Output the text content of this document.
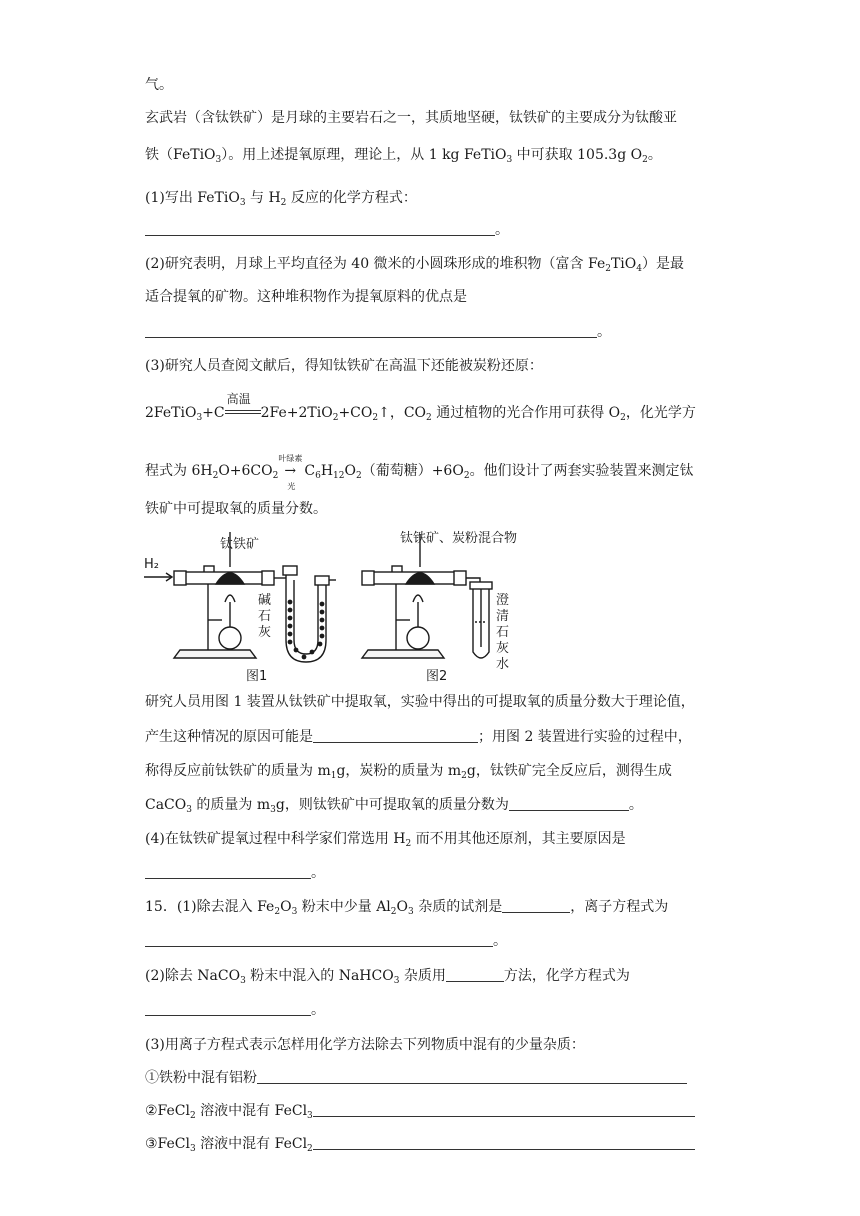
气。
玄武岩（含钛铁矿）是月球的主要岩石之一，其质地坚硬，钛铁矿的主要成分为钛酸亚
铁（FeTiO$_3$）。用上述提氧原理，理论上，从 1 kg FeTiO$_3$ 中可获取 105.3g $O_2$。
(1)写出 FeTiO$_3$ 与 $H_2$ 反应的化学方程式：
。
(2)研究表明，月球上平均直径为 40 微米的小圆珠形成的堆积物（富含 $Fe_2TiO_4$）是最
适合提氧的矿物。这种堆积物作为提氧原料的优点是
。
(3)研究人员查阅文献后，得知钛铁矿在高温下还能被炭粉还原：
2FeTiO$_3$+C
高温
$2Fe+2TiO_2+CO_2↑$，$CO_2$ 通过植物的光合作用可获得 $O_2$，化光学方
程式为 $6H_2O+6CO_2$
叶绿素
→
光
$C_6H_{12}O_2$（葡萄糖）$+6O_2$。他们设计了两套实验装置来测定钛
铁矿中可提取氧的质量分数。
H₂
钛铁矿
碱
石
灰
图1
钛铁矿、炭粉混合物
澄
清
石
灰
水
图2
研究人员用图 1 装置从钛铁矿中提取氧，实验中得出的可提取氧的质量分数大于理论值，
产生这种情况的原因可能是	；用图 2 装置进行实验的过程中，
称得反应前钛铁矿的质量为 $m_1g$，炭粉的质量为 $m_2g$，钛铁矿完全反应后，测得生成
CaCO$_3$ 的质量为 $m_3g$，则钛铁矿中可提取氧的质量分数为	。
(4)在钛铁矿提氧过程中科学家们常选用 $H_2$ 而不用其他还原剂，其主要原因是
。
15．(1)除去混入 $Fe_2O_3$ 粉末中少量 $Al_2O_3$ 杂质的试剂是	，离子方程式为
。
(2)除去 NaCO$_3$ 粉末中混入的 NaHCO$_3$ 杂质用	方法，化学方程式为
。
(3)用离子方程式表示怎样用化学方法除去下列物质中混有的少量杂质：
①铁粉中混有铝粉
②FeCl$_2$ 溶液中混有 FeCl$_3$
③FeCl$_3$ 溶液中混有 FeCl$_2$
